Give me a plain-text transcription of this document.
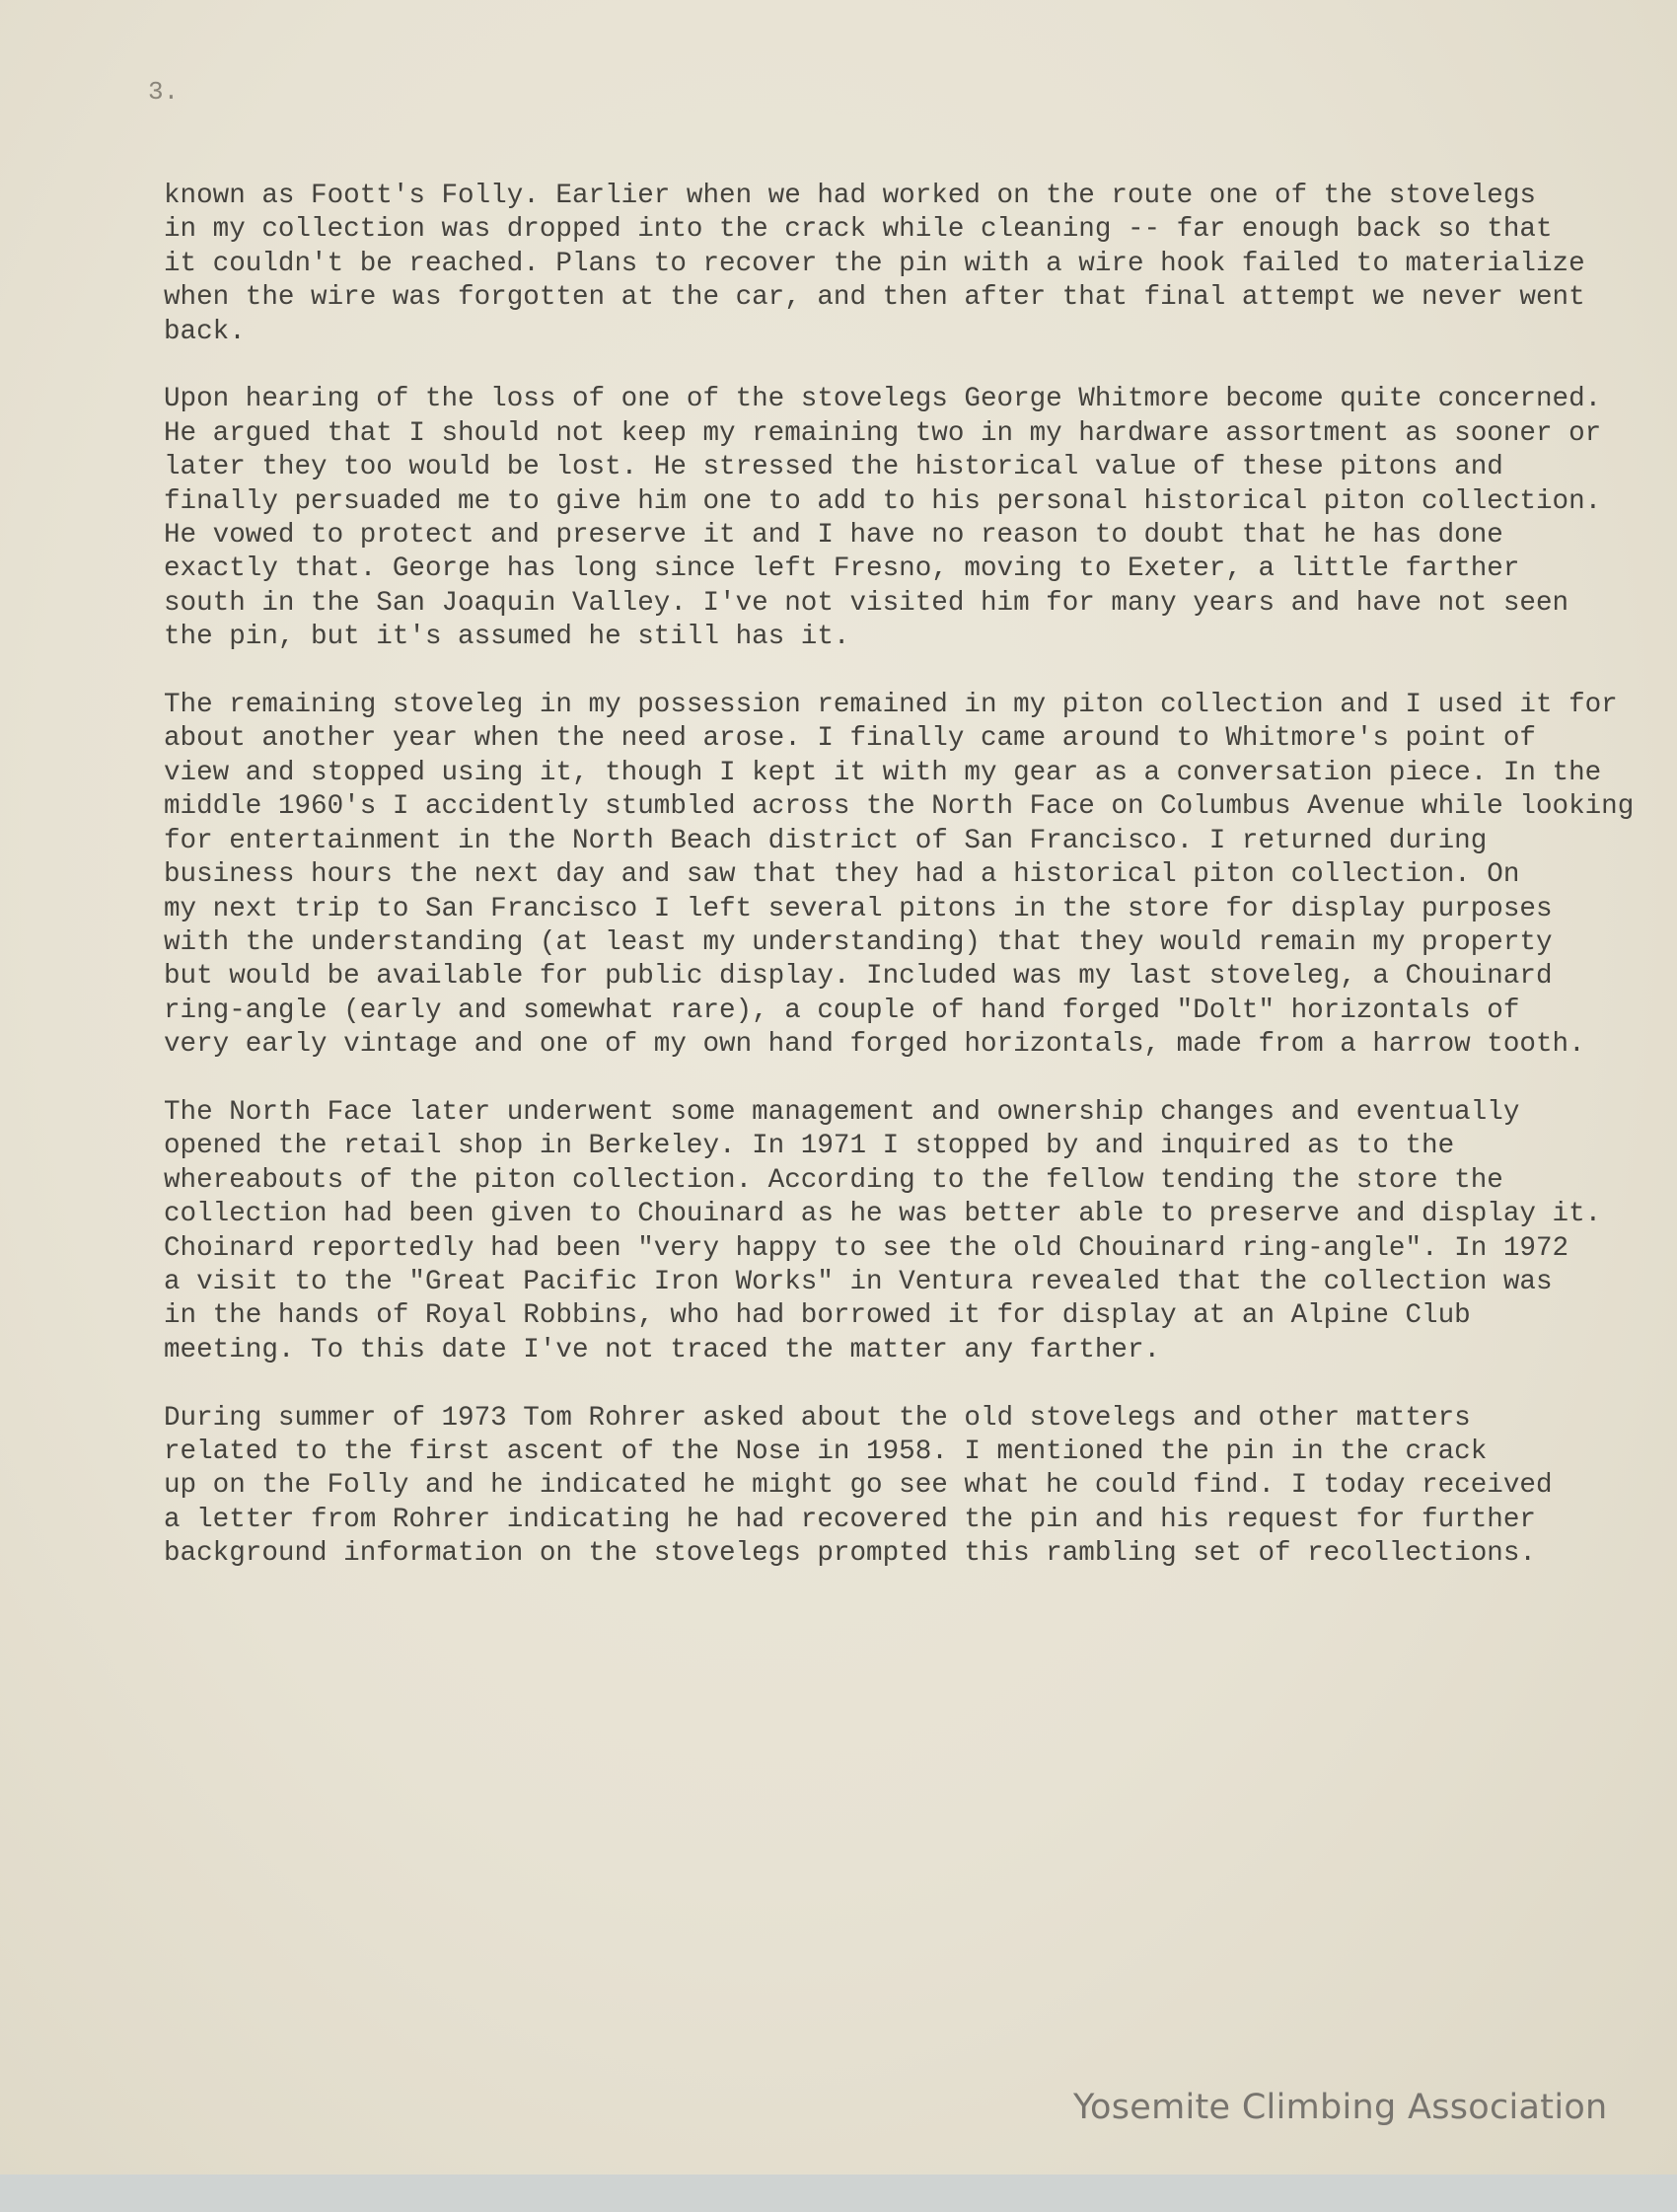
3.
known as Foott's Folly. Earlier when we had worked on the route one of the stovelegs
in my collection was dropped into the crack while cleaning -- far enough back so that
it couldn't be reached. Plans to recover the pin with a wire hook failed to materialize
when the wire was forgotten at the car, and then after that final attempt we never went
back.
Upon hearing of the loss of one of the stovelegs George Whitmore become quite concerned.
He argued that I should not keep my remaining two in my hardware assortment as sooner or
later they too would be lost. He stressed the historical value of these pitons and
finally persuaded me to give him one to add to his personal historical piton collection.
He vowed to protect and preserve it and I have no reason to doubt that he has done
exactly that. George has long since left Fresno, moving to Exeter, a little farther
south in the San Joaquin Valley. I've not visited him for many years and have not seen
the pin, but it's assumed he still has it.
The remaining stoveleg in my possession remained in my piton collection and I used it for
about another year when the need arose. I finally came around to Whitmore's point of
view and stopped using it, though I kept it with my gear as a conversation piece. In the
middle 1960's I accidently stumbled across the North Face on Columbus Avenue while looking
for entertainment in the North Beach district of San Francisco. I returned during
business hours the next day and saw that they had a historical piton collection. On
my next trip to San Francisco I left several pitons in the store for display purposes
with the understanding (at least my understanding) that they would remain my property
but would be available for public display. Included was my last stoveleg, a Chouinard
ring-angle (early and somewhat rare), a couple of hand forged "Dolt" horizontals of
very early vintage and one of my own hand forged horizontals, made from a harrow tooth.
The North Face later underwent some management and ownership changes and eventually
opened the retail shop in Berkeley. In 1971 I stopped by and inquired as to the
whereabouts of the piton collection. According to the fellow tending the store the
collection had been given to Chouinard as he was better able to preserve and display it.
Choinard reportedly had been "very happy to see the old Chouinard ring-angle". In 1972
a visit to the "Great Pacific Iron Works" in Ventura revealed that the collection was
in the hands of Royal Robbins, who had borrowed it for display at an Alpine Club
meeting. To this date I've not traced the matter any farther.
During summer of 1973 Tom Rohrer asked about the old stovelegs and other matters
related to the first ascent of the Nose in 1958. I mentioned the pin in the crack
up on the Folly and he indicated he might go see what he could find. I today received
a letter from Rohrer indicating he had recovered the pin and his request for further
background information on the stovelegs prompted this rambling set of recollections.
Yosemite Climbing Association
